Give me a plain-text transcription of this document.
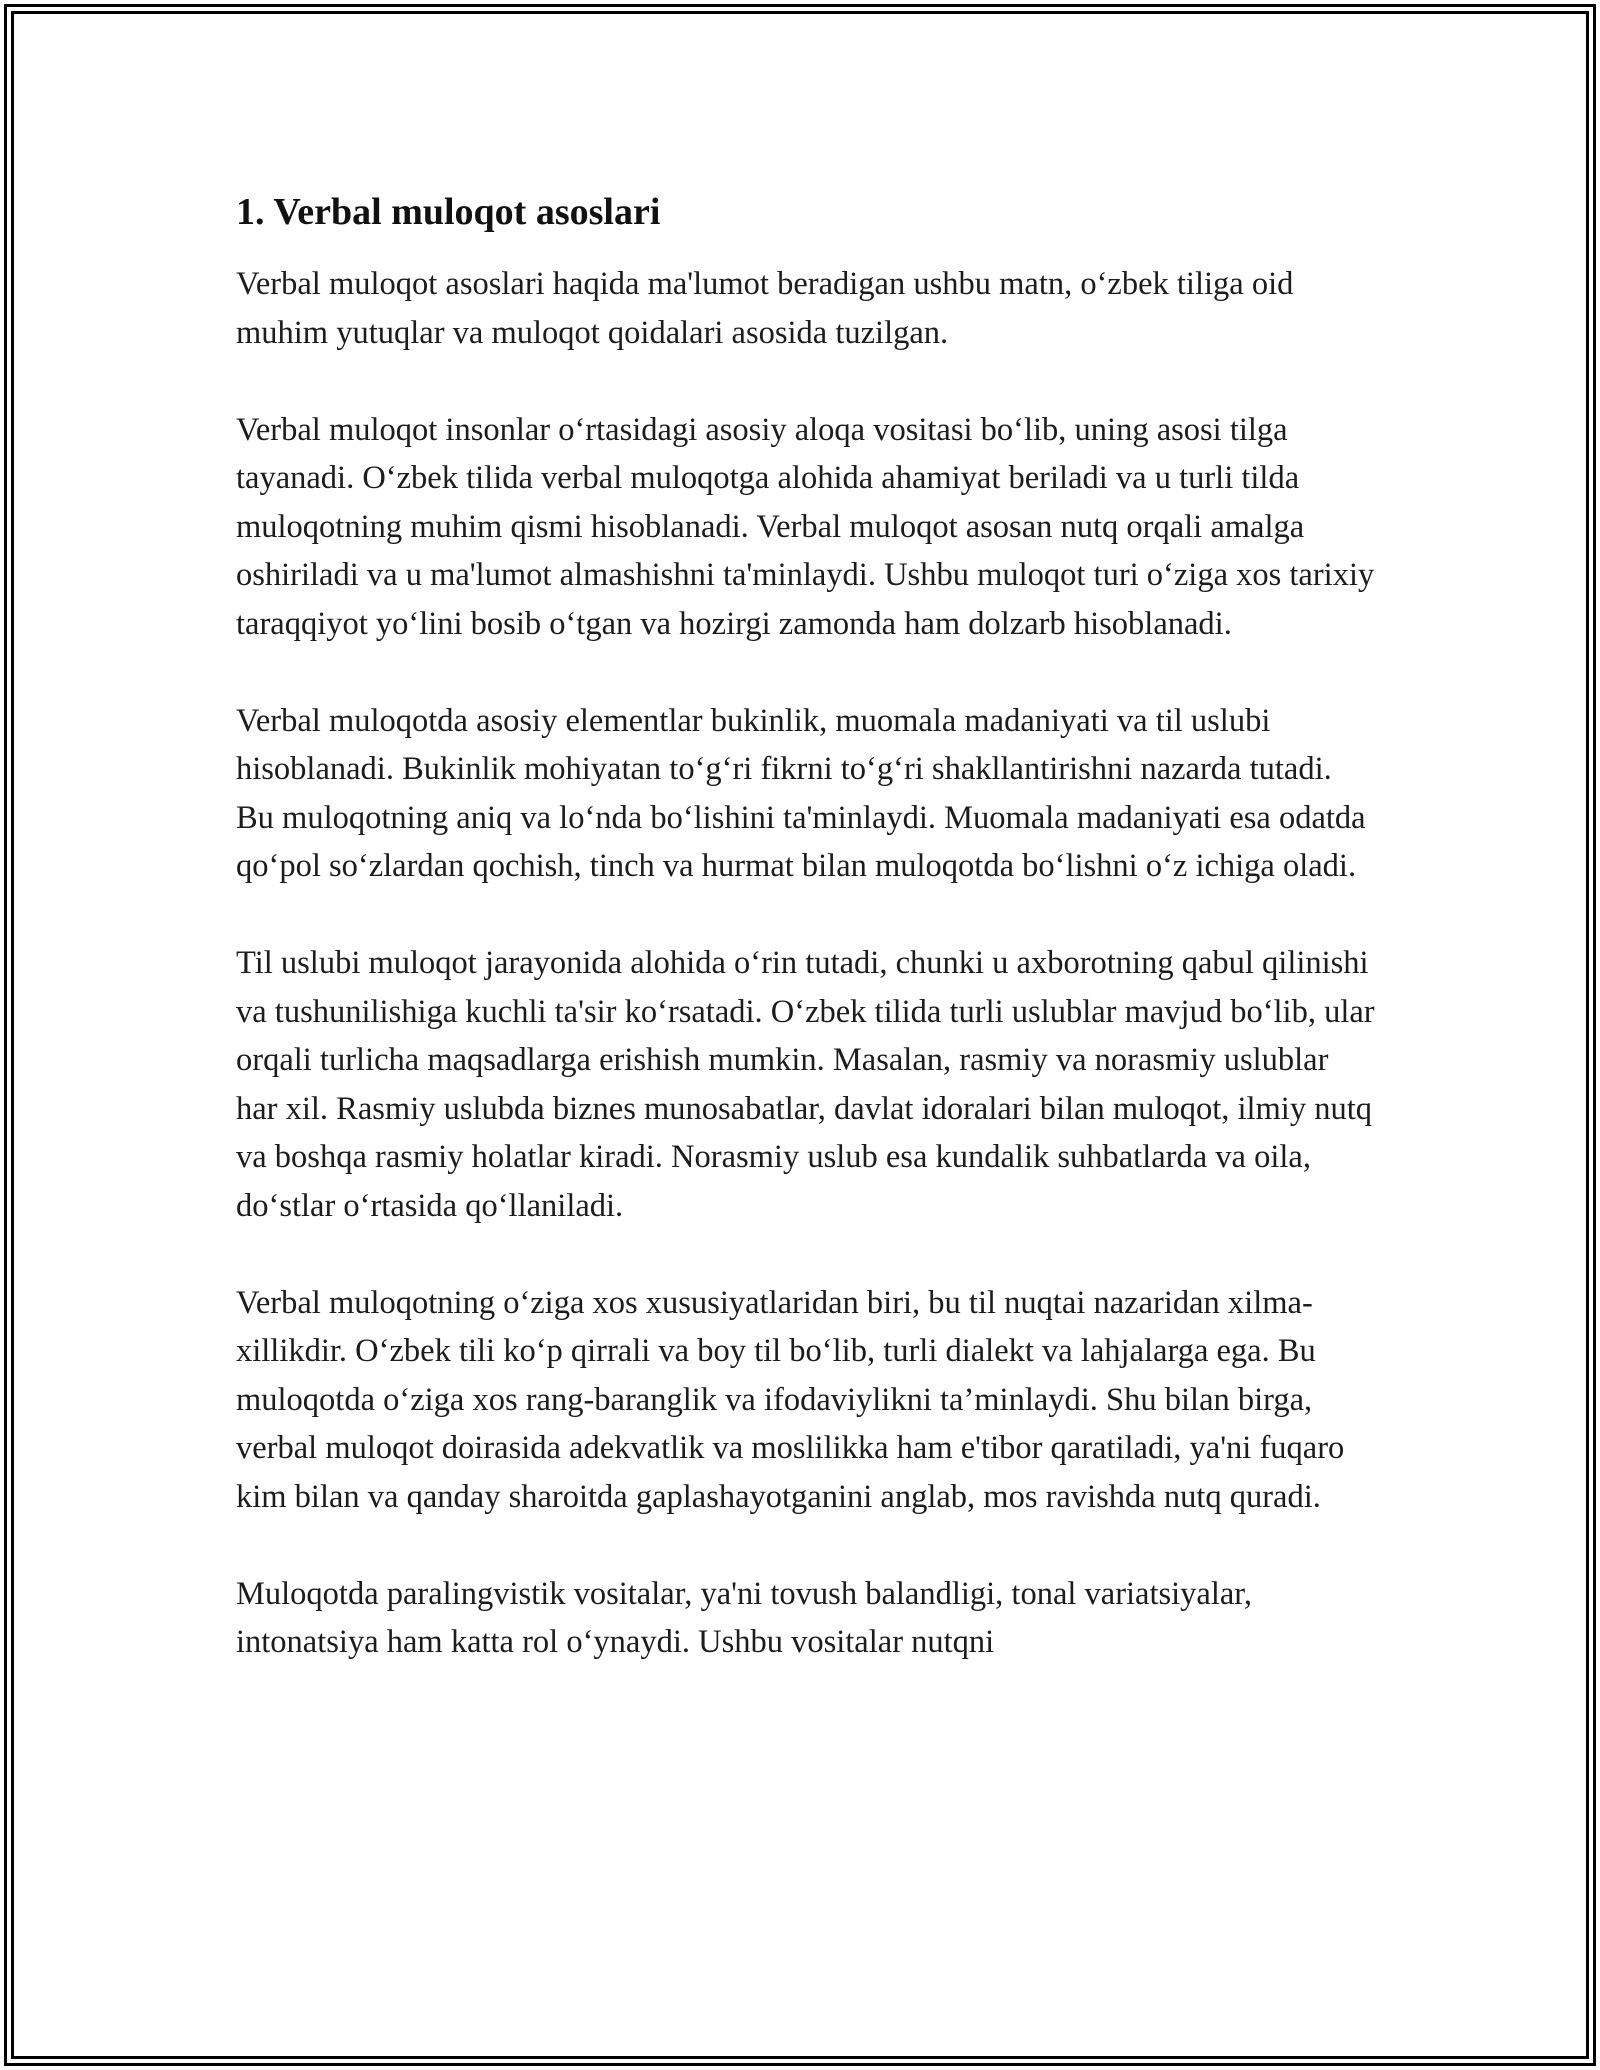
1. Verbal muloqot asoslari

Verbal muloqot asoslari haqida ma'lumot beradigan ushbu matn, o‘zbek tiliga oid muhim yutuqlar va muloqot qoidalari asosida tuzilgan.

Verbal muloqot insonlar o‘rtasidagi asosiy aloqa vositasi bo‘lib, uning asosi tilga tayanadi. O‘zbek tilida verbal muloqotga alohida ahamiyat beriladi va u turli tilda muloqotning muhim qismi hisoblanadi. Verbal muloqot asosan nutq orqali amalga oshiriladi va u ma'lumot almashishni ta'minlaydi. Ushbu muloqot turi o‘ziga xos tarixiy taraqqiyot yo‘lini bosib o‘tgan va hozirgi zamonda ham dolzarb hisoblanadi.

Verbal muloqotda asosiy elementlar bukinlik, muomala madaniyati va til uslubi hisoblanadi. Bukinlik mohiyatan to‘g‘ri fikrni to‘g‘ri shakllantirishni nazarda tutadi. Bu muloqotning aniq va lo‘nda bo‘lishini ta'minlaydi. Muomala madaniyati esa odatda qo‘pol so‘zlardan qochish, tinch va hurmat bilan muloqotda bo‘lishni o‘z ichiga oladi.

Til uslubi muloqot jarayonida alohida o‘rin tutadi, chunki u axborotning qabul qilinishi va tushunilishiga kuchli ta'sir ko‘rsatadi. O‘zbek tilida turli uslublar mavjud bo‘lib, ular orqali turlicha maqsadlarga erishish mumkin. Masalan, rasmiy va norasmiy uslublar har xil. Rasmiy uslubda biznes munosabatlar, davlat idoralari bilan muloqot, ilmiy nutq va boshqa rasmiy holatlar kiradi. Norasmiy uslub esa kundalik suhbatlarda va oila, do‘stlar o‘rtasida qo‘llaniladi.

Verbal muloqotning o‘ziga xos xususiyatlaridan biri, bu til nuqtai nazaridan xilma-xillikdir. O‘zbek tili ko‘p qirrali va boy til bo‘lib, turli dialekt va lahjalarga ega. Bu muloqotda o‘ziga xos rang-baranglik va ifodaviylikni ta’minlaydi. Shu bilan birga, verbal muloqot doirasida adekvatlik va moslilikka ham e'tibor qaratiladi, ya'ni fuqaro kim bilan va qanday sharoitda gaplashayotganini anglab, mos ravishda nutq quradi.

Muloqotda paralingvistik vositalar, ya'ni tovush balandligi, tonal variatsiyalar, intonatsiya ham katta rol o‘ynaydi. Ushbu vositalar nutqni
